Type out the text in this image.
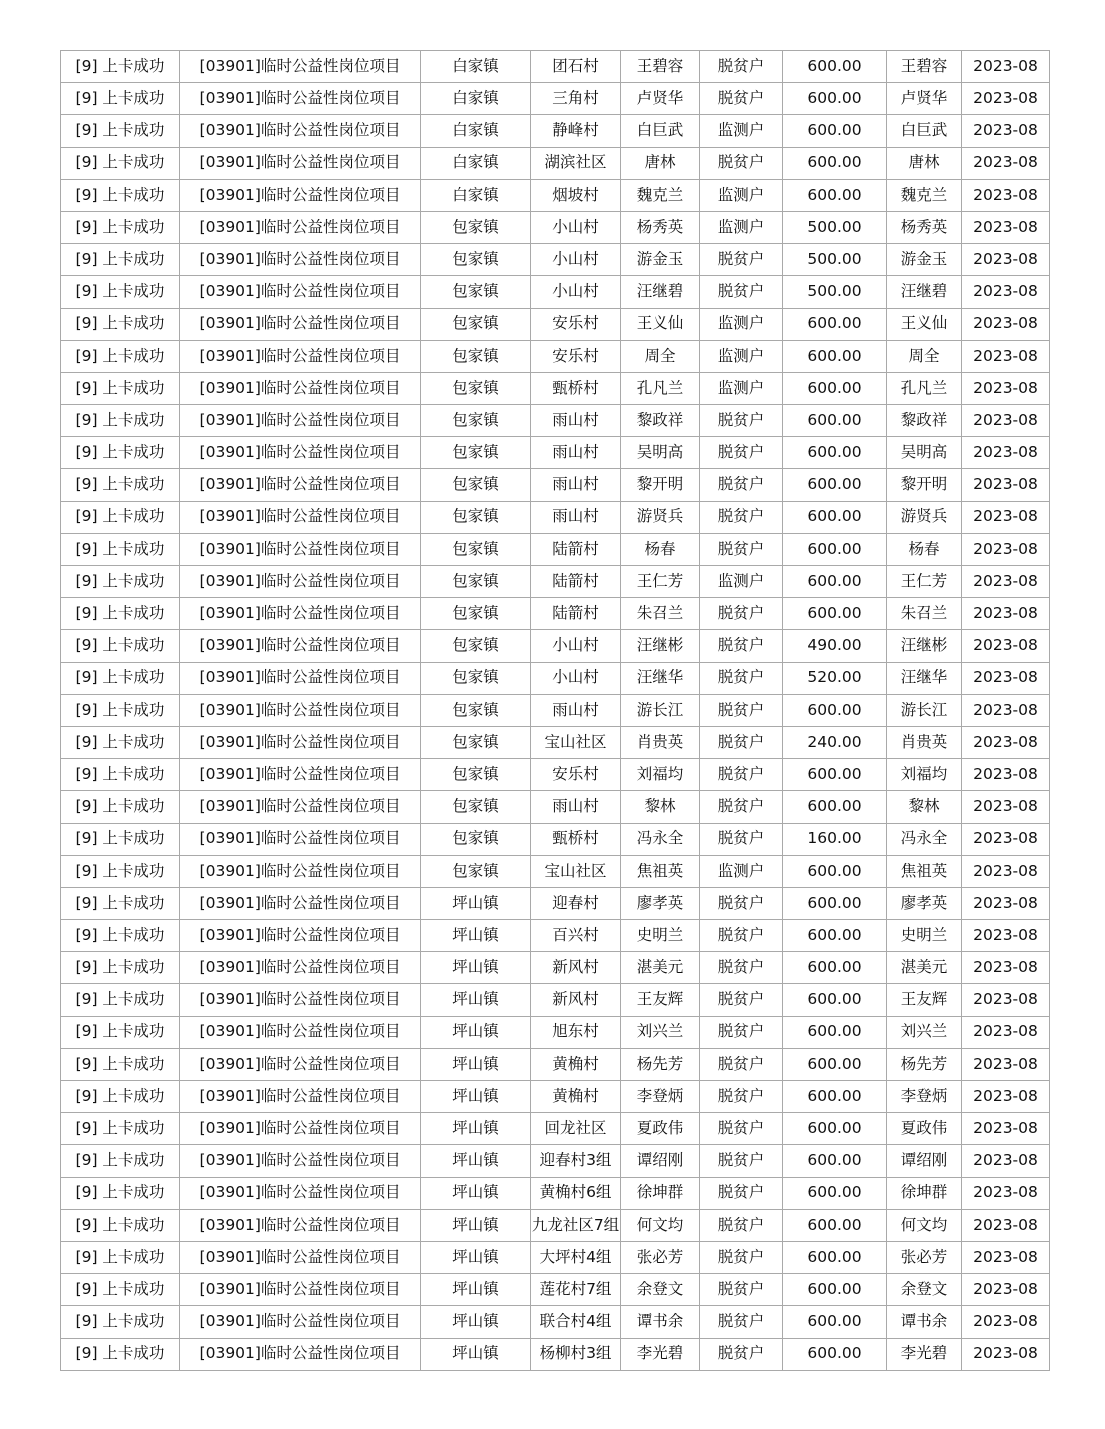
[9] 上卡成功	[03901]临时公益性岗位项目	白家镇	团石村	王碧容	脱贫户	600.00	王碧容	2023-08
[9] 上卡成功	[03901]临时公益性岗位项目	白家镇	三角村	卢贤华	脱贫户	600.00	卢贤华	2023-08
[9] 上卡成功	[03901]临时公益性岗位项目	白家镇	静峰村	白巨武	监测户	600.00	白巨武	2023-08
[9] 上卡成功	[03901]临时公益性岗位项目	白家镇	湖滨社区	唐林	脱贫户	600.00	唐林	2023-08
[9] 上卡成功	[03901]临时公益性岗位项目	白家镇	烟坡村	魏克兰	监测户	600.00	魏克兰	2023-08
[9] 上卡成功	[03901]临时公益性岗位项目	包家镇	小山村	杨秀英	监测户	500.00	杨秀英	2023-08
[9] 上卡成功	[03901]临时公益性岗位项目	包家镇	小山村	游金玉	脱贫户	500.00	游金玉	2023-08
[9] 上卡成功	[03901]临时公益性岗位项目	包家镇	小山村	汪继碧	脱贫户	500.00	汪继碧	2023-08
[9] 上卡成功	[03901]临时公益性岗位项目	包家镇	安乐村	王义仙	监测户	600.00	王义仙	2023-08
[9] 上卡成功	[03901]临时公益性岗位项目	包家镇	安乐村	周全	监测户	600.00	周全	2023-08
[9] 上卡成功	[03901]临时公益性岗位项目	包家镇	甄桥村	孔凡兰	监测户	600.00	孔凡兰	2023-08
[9] 上卡成功	[03901]临时公益性岗位项目	包家镇	雨山村	黎政祥	脱贫户	600.00	黎政祥	2023-08
[9] 上卡成功	[03901]临时公益性岗位项目	包家镇	雨山村	吴明高	脱贫户	600.00	吴明高	2023-08
[9] 上卡成功	[03901]临时公益性岗位项目	包家镇	雨山村	黎开明	脱贫户	600.00	黎开明	2023-08
[9] 上卡成功	[03901]临时公益性岗位项目	包家镇	雨山村	游贤兵	脱贫户	600.00	游贤兵	2023-08
[9] 上卡成功	[03901]临时公益性岗位项目	包家镇	陆箭村	杨春	脱贫户	600.00	杨春	2023-08
[9] 上卡成功	[03901]临时公益性岗位项目	包家镇	陆箭村	王仁芳	监测户	600.00	王仁芳	2023-08
[9] 上卡成功	[03901]临时公益性岗位项目	包家镇	陆箭村	朱召兰	脱贫户	600.00	朱召兰	2023-08
[9] 上卡成功	[03901]临时公益性岗位项目	包家镇	小山村	汪继彬	脱贫户	490.00	汪继彬	2023-08
[9] 上卡成功	[03901]临时公益性岗位项目	包家镇	小山村	汪继华	脱贫户	520.00	汪继华	2023-08
[9] 上卡成功	[03901]临时公益性岗位项目	包家镇	雨山村	游长江	脱贫户	600.00	游长江	2023-08
[9] 上卡成功	[03901]临时公益性岗位项目	包家镇	宝山社区	肖贵英	脱贫户	240.00	肖贵英	2023-08
[9] 上卡成功	[03901]临时公益性岗位项目	包家镇	安乐村	刘福均	脱贫户	600.00	刘福均	2023-08
[9] 上卡成功	[03901]临时公益性岗位项目	包家镇	雨山村	黎林	脱贫户	600.00	黎林	2023-08
[9] 上卡成功	[03901]临时公益性岗位项目	包家镇	甄桥村	冯永全	脱贫户	160.00	冯永全	2023-08
[9] 上卡成功	[03901]临时公益性岗位项目	包家镇	宝山社区	焦祖英	监测户	600.00	焦祖英	2023-08
[9] 上卡成功	[03901]临时公益性岗位项目	坪山镇	迎春村	廖孝英	脱贫户	600.00	廖孝英	2023-08
[9] 上卡成功	[03901]临时公益性岗位项目	坪山镇	百兴村	史明兰	脱贫户	600.00	史明兰	2023-08
[9] 上卡成功	[03901]临时公益性岗位项目	坪山镇	新风村	湛美元	脱贫户	600.00	湛美元	2023-08
[9] 上卡成功	[03901]临时公益性岗位项目	坪山镇	新风村	王友辉	脱贫户	600.00	王友辉	2023-08
[9] 上卡成功	[03901]临时公益性岗位项目	坪山镇	旭东村	刘兴兰	脱贫户	600.00	刘兴兰	2023-08
[9] 上卡成功	[03901]临时公益性岗位项目	坪山镇	黄桷村	杨先芳	脱贫户	600.00	杨先芳	2023-08
[9] 上卡成功	[03901]临时公益性岗位项目	坪山镇	黄桷村	李登炳	脱贫户	600.00	李登炳	2023-08
[9] 上卡成功	[03901]临时公益性岗位项目	坪山镇	回龙社区	夏政伟	脱贫户	600.00	夏政伟	2023-08
[9] 上卡成功	[03901]临时公益性岗位项目	坪山镇	迎春村3组	谭绍刚	脱贫户	600.00	谭绍刚	2023-08
[9] 上卡成功	[03901]临时公益性岗位项目	坪山镇	黄桷村6组	徐坤群	脱贫户	600.00	徐坤群	2023-08
[9] 上卡成功	[03901]临时公益性岗位项目	坪山镇	九龙社区7组	何文均	脱贫户	600.00	何文均	2023-08
[9] 上卡成功	[03901]临时公益性岗位项目	坪山镇	大坪村4组	张必芳	脱贫户	600.00	张必芳	2023-08
[9] 上卡成功	[03901]临时公益性岗位项目	坪山镇	莲花村7组	余登文	脱贫户	600.00	余登文	2023-08
[9] 上卡成功	[03901]临时公益性岗位项目	坪山镇	联合村4组	谭书余	脱贫户	600.00	谭书余	2023-08
[9] 上卡成功	[03901]临时公益性岗位项目	坪山镇	杨柳村3组	李光碧	脱贫户	600.00	李光碧	2023-08
